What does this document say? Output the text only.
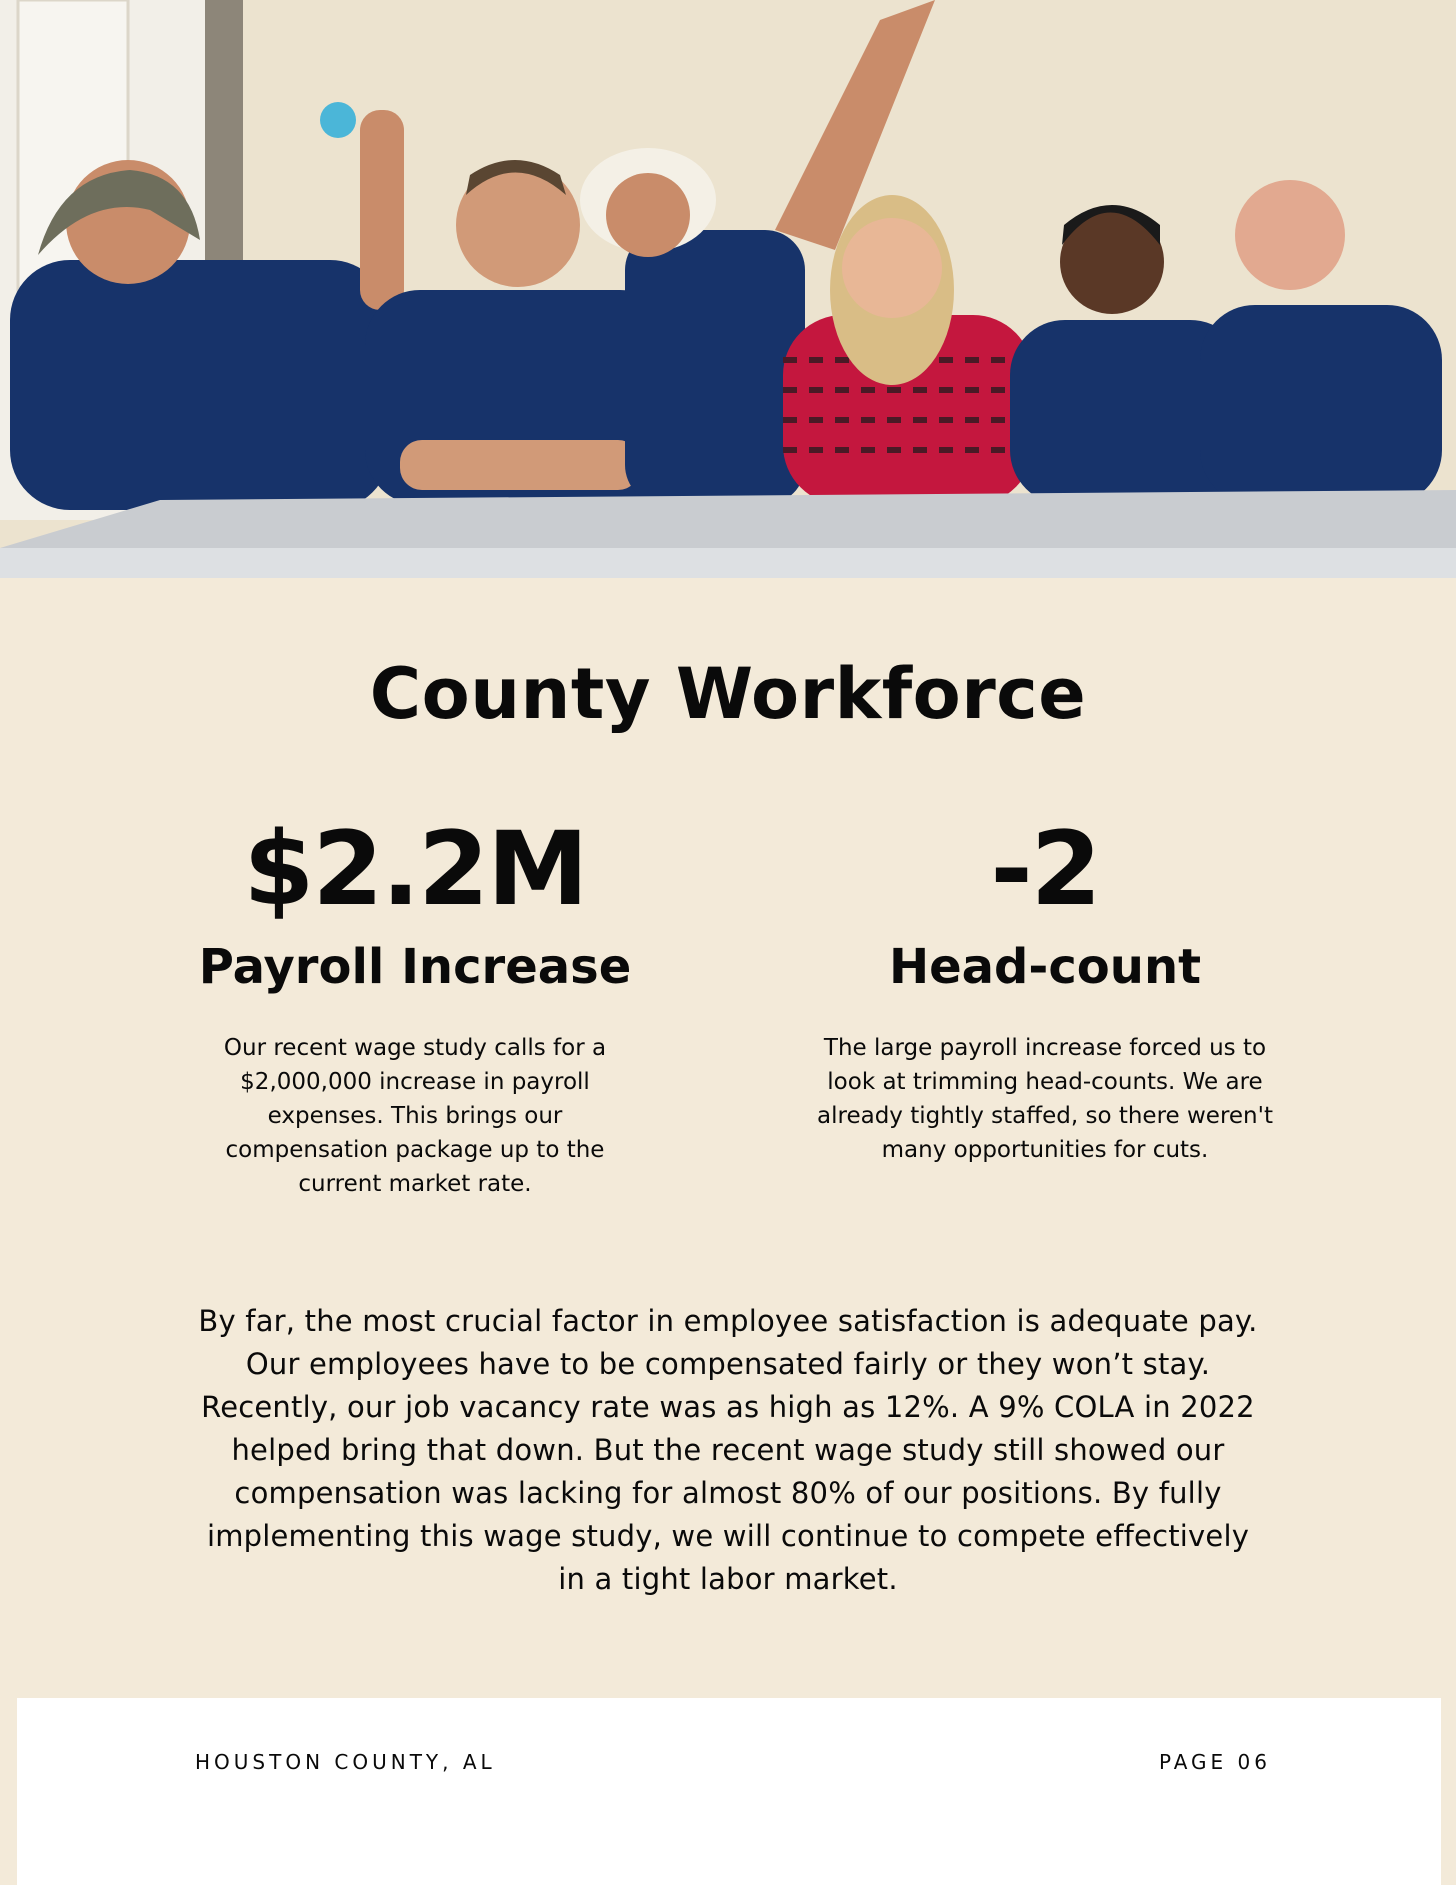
County Workforce

$2.2M

Payroll Increase

Our recent wage study calls for a $2,000,000 increase in payroll expenses. This brings our compensation package up to the current market rate.

-2

Head-count

The large payroll increase forced us to look at trimming head-counts. We are already tightly staffed, so there weren't many opportunities for cuts.

By far, the most crucial factor in employee satisfaction is adequate pay. Our employees have to be compensated fairly or they won’t stay. Recently, our job vacancy rate was as high as 12%. A 9% COLA in 2022 helped bring that down. But the recent wage study still showed our compensation was lacking for almost 80% of our positions. By fully implementing this wage study, we will continue to compete effectively in a tight labor market.

HOUSTON COUNTY, AL	PAGE 06
